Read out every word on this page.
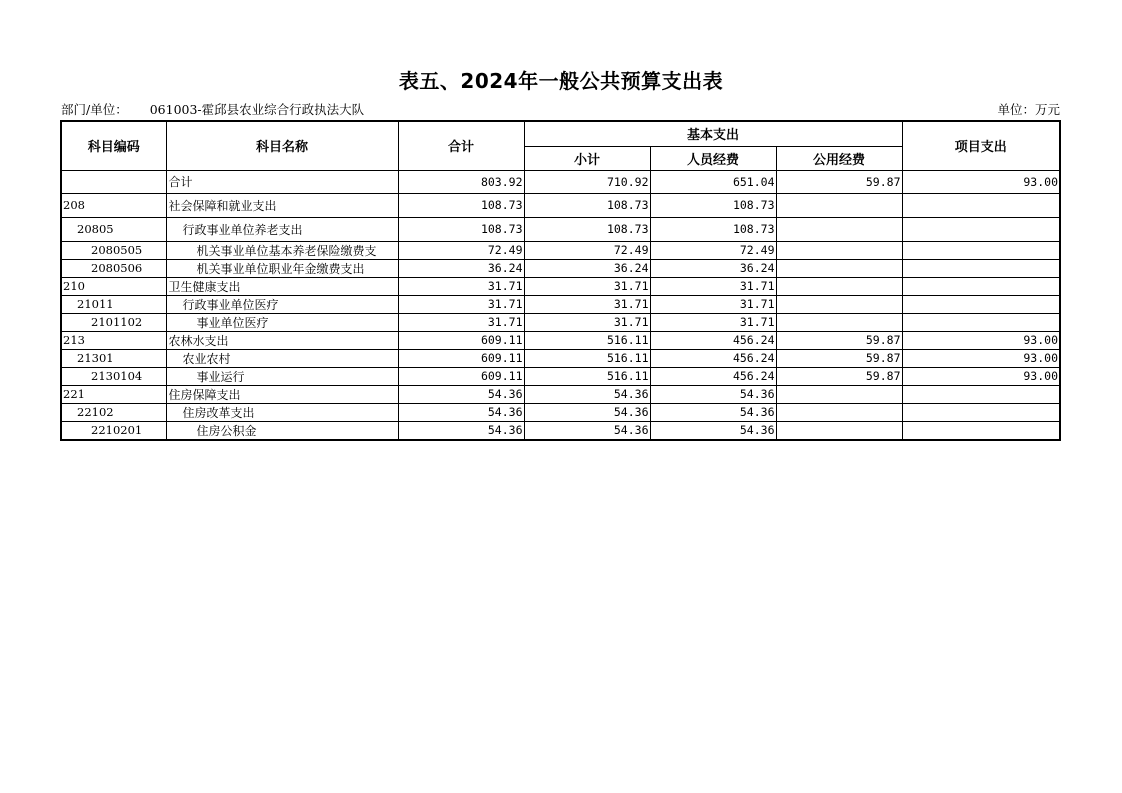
表五、2024年一般公共预算支出表
部门/单位： 061003-霍邱县农业综合行政执法大队	单位：万元
科目编码	科目名称	合计	基本支出			项目支出
			小计	人员经费	公用经费	
	合计	803.92	710.92	651.04	59.87	93.00
208	社会保障和就业支出	108.73	108.73	108.73		
20805	行政事业单位养老支出	108.73	108.73	108.73		
2080505	机关事业单位基本养老保险缴费支	72.49	72.49	72.49		
2080506	机关事业单位职业年金缴费支出	36.24	36.24	36.24		
210	卫生健康支出	31.71	31.71	31.71		
21011	行政事业单位医疗	31.71	31.71	31.71		
2101102	事业单位医疗	31.71	31.71	31.71		
213	农林水支出	609.11	516.11	456.24	59.87	93.00
21301	农业农村	609.11	516.11	456.24	59.87	93.00
2130104	事业运行	609.11	516.11	456.24	59.87	93.00
221	住房保障支出	54.36	54.36	54.36		
22102	住房改革支出	54.36	54.36	54.36		
2210201	住房公积金	54.36	54.36	54.36		
